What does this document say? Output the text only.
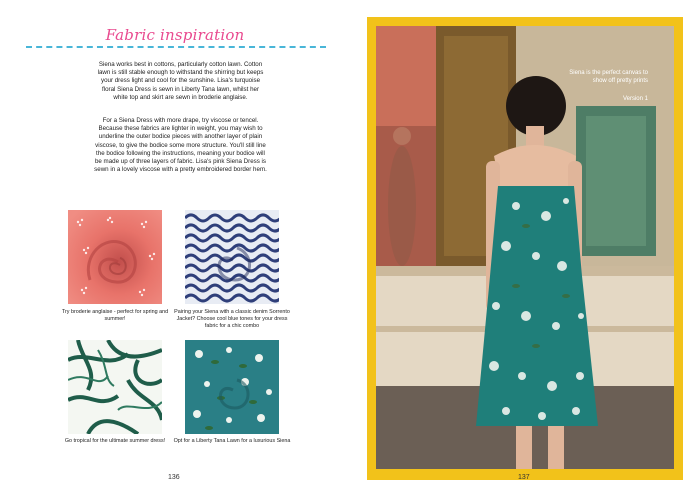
Fabric inspiration
Siena works best in cottons, particularly cotton lawn. Cotton lawn is still stable enough to withstand the shirring but keeps your dress light and cool for the sunshine. Lisa's turquoise floral Siena Dress is sewn in Liberty Tana lawn, whilst her white top and skirt are sewn in broderie anglaise.
For a Siena Dress with more drape, try viscose or tencel. Because these fabrics are lighter in weight, you may wish to underline the outer bodice pieces with another layer of plain viscose, to give the bodice some more structure. You'll still line the bodice following the instructions, meaning your bodice will be made up of three layers of fabric. Lisa's pink Siena Dress is sewn in a lovely viscose with a pretty embroidered border hem.
Try broderie anglaise - perfect for spring and summer!
Pairing your Siena with a classic denim Sorrento Jacket? Choose cool blue tones for your dress fabric for a chic combo
Go tropical for the ultimate summer dress!	Opt for a Liberty Tana Lawn for a luxurious Siena
136
Siena is the perfect canvas to show off pretty prints
Version 1
137
